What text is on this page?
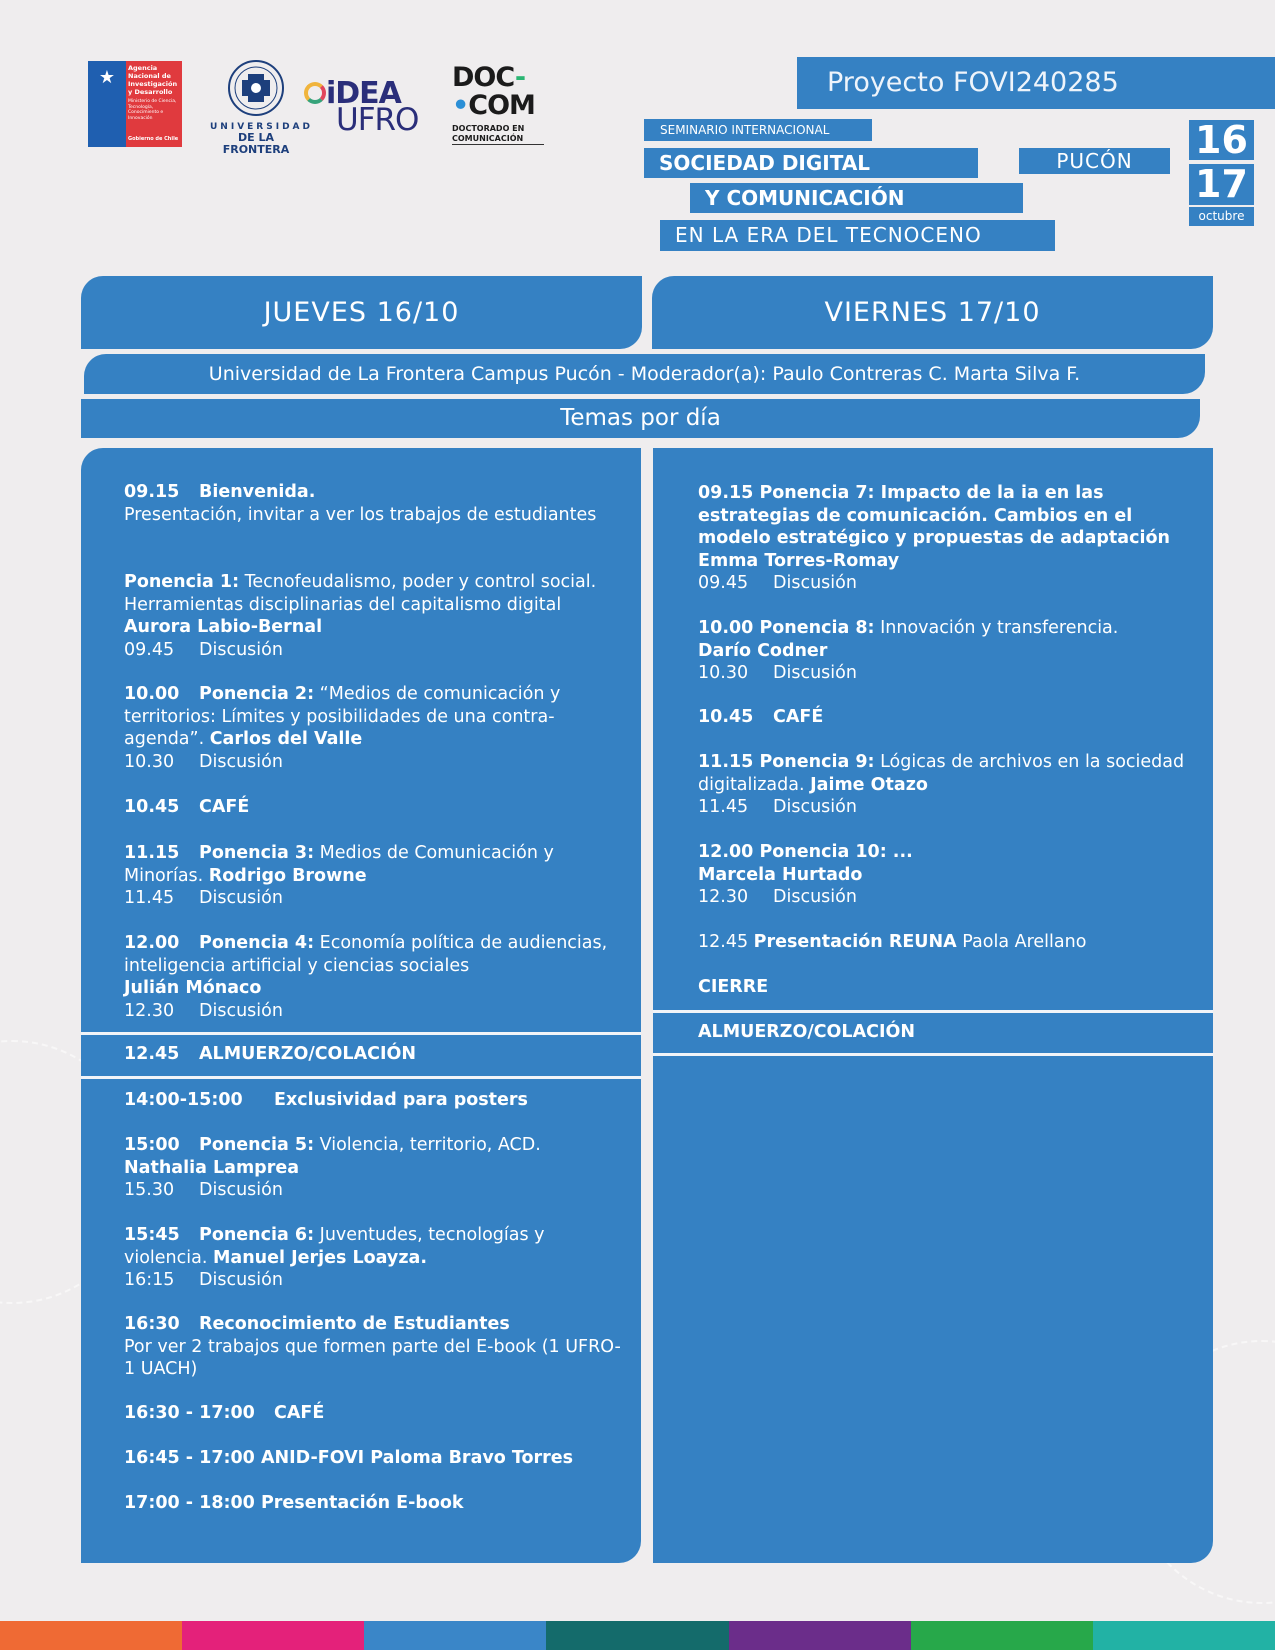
★ Agencia
Nacional de
Investigación
y Desarrollo
Ministerio de Ciencia, Tecnología, Conocimiento e Innovación
Gobierno de Chile
UNIVERSIDAD
DE LA FRONTERA
iDEA
UFRO
DOC-
•COM
DOCTORADO EN
COMUNICACIÓN
Proyecto FOVI240285
SEMINARIO INTERNACIONAL
SOCIEDAD DIGITAL
Y COMUNICACIÓN
EN LA ERA DEL TECNOCENO
PUCÓN	16
17
octubre
JUEVES 16/10	VIERNES 17/10
Universidad de La Frontera Campus Pucón - Moderador(a): Paulo Contreras C. Marta Silva F.
Temas por día
09.15 Bienvenida.
Presentación, invitar a ver los trabajos de estudiantes
Ponencia 1: Tecnofeudalismo, poder y control social. Herramientas disciplinarias del capitalismo digital
Aurora Labio-Bernal
09.45 Discusión
10.00 Ponencia 2: “Medios de comunicación y territorios: Límites y posibilidades de una contra-agenda”. Carlos del Valle
10.30 Discusión
10.45 CAFÉ
11.15 Ponencia 3: Medios de Comunicación y Minorías. Rodrigo Browne
11.45 Discusión
12.00 Ponencia 4: Economía política de audiencias, inteligencia artificial y ciencias sociales
Julián Mónaco
12.30 Discusión
12.45 ALMUERZO/COLACIÓN
14:00-15:00 Exclusividad para posters
15:00 Ponencia 5: Violencia, territorio, ACD.
Nathalia Lamprea
15.30 Discusión
15:45 Ponencia 6: Juventudes, tecnologías y violencia. Manuel Jerjes Loayza.
16:15 Discusión
16:30 Reconocimiento de Estudiantes
Por ver 2 trabajos que formen parte del E-book (1 UFRO- 1 UACH)
16:30 - 17:00 CAFÉ
16:45 - 17:00 ANID-FOVI Paloma Bravo Torres
17:00 - 18:00 Presentación E-book
09.15 Ponencia 7: Impacto de la ia en las estrategias de comunicación. Cambios en el modelo estratégico y propuestas de adaptación
Emma Torres-Romay
09.45 Discusión
10.00 Ponencia 8: Innovación y transferencia.
Darío Codner
10.30 Discusión
10.45 CAFÉ
11.15 Ponencia 9: Lógicas de archivos en la sociedad digitalizada. Jaime Otazo
11.45 Discusión
12.00 Ponencia 10: ...
Marcela Hurtado
12.30 Discusión
12.45 Presentación REUNA Paola Arellano
CIERRE
ALMUERZO/COLACIÓN
